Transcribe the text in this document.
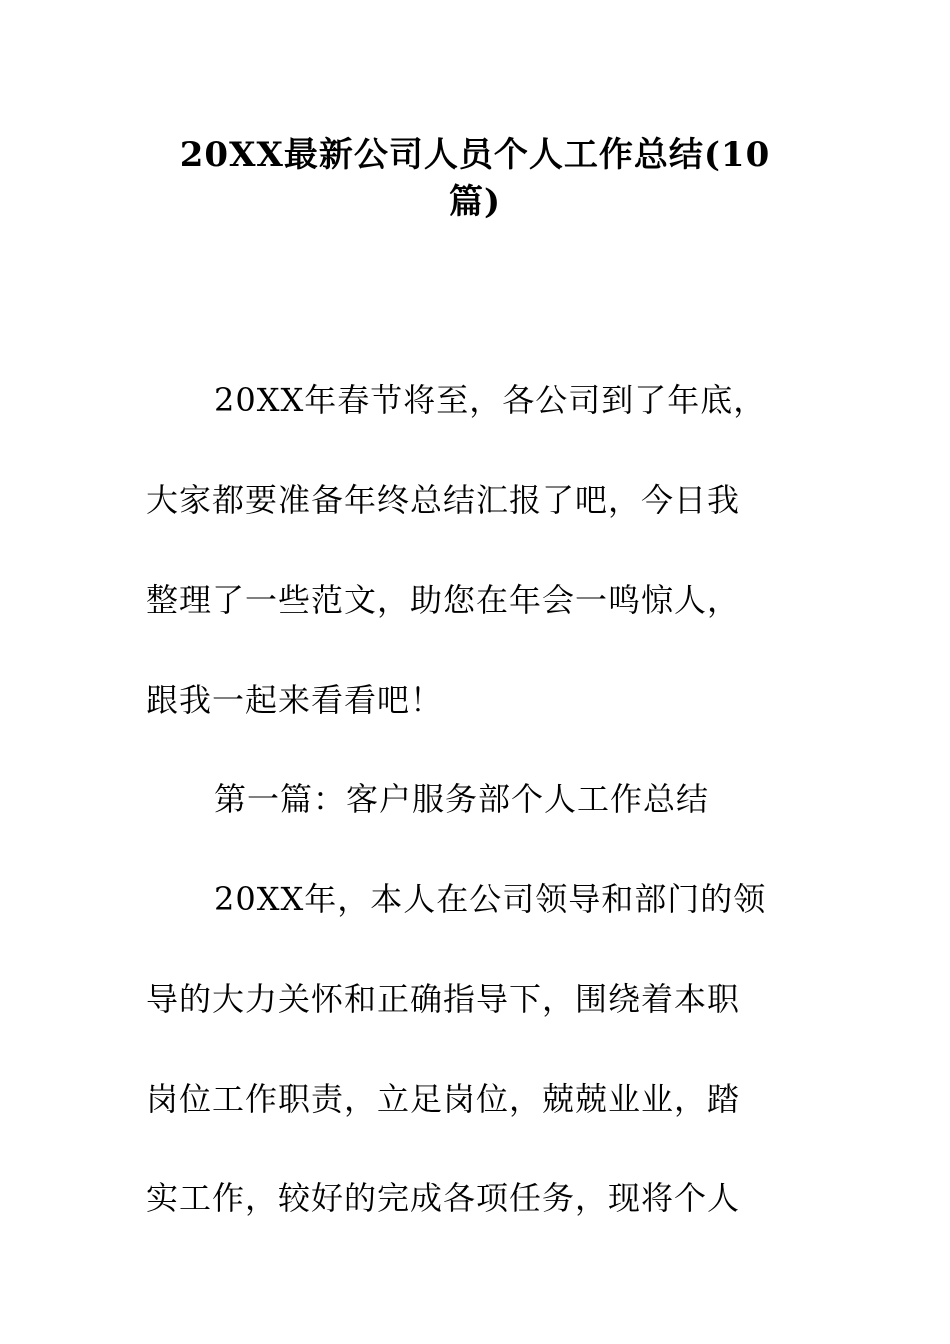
20XX最新公司人员个人工作总结(10
篇)
20XX年春节将至，各公司到了年底，
大家都要准备年终总结汇报了吧，今日我
整理了一些范文，助您在年会一鸣惊人，
跟我一起来看看吧！
第一篇：客户服务部个人工作总结
20XX年，本人在公司领导和部门的领
导的大力关怀和正确指导下，围绕着本职
岗位工作职责，立足岗位，兢兢业业，踏
实工作，较好的完成各项任务，现将个人
